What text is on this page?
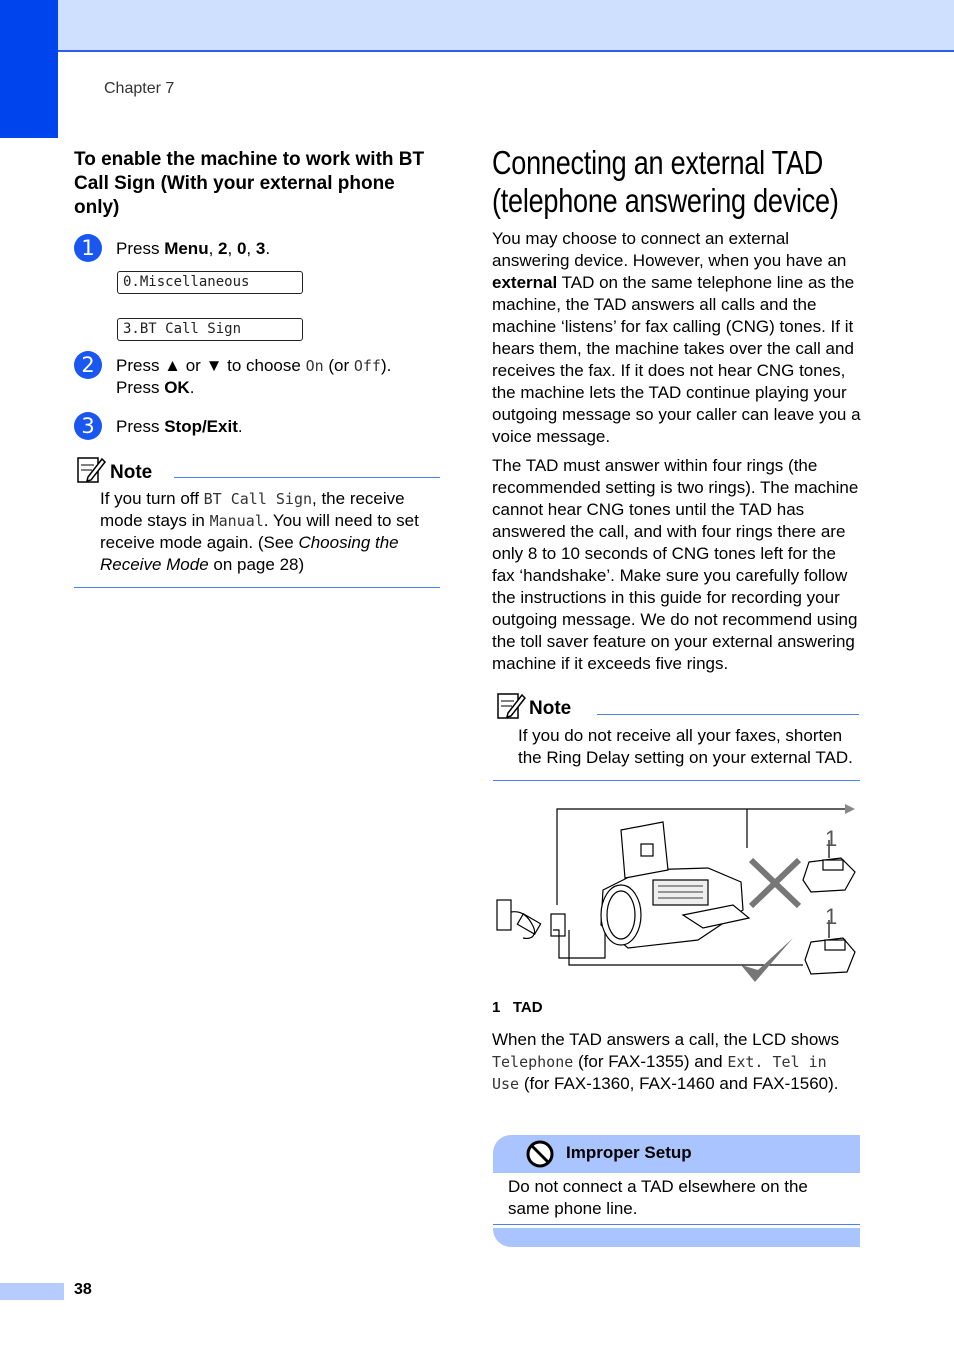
Chapter 7
To enable the machine to work with BT Call Sign (With your external phone only)
1	Press Menu, 2, 0, 3.
0.Miscellaneous
3.BT Call Sign
2	Press ▲ or ▼ to choose On (or Off).
Press OK.
3	Press Stop/Exit.
Note
If you turn off BT Call Sign, the receive mode stays in Manual. You will need to set receive mode again. (See Choosing the Receive Mode on page 28)
Connecting an external TAD
(telephone answering device)
You may choose to connect an external answering device. However, when you have an external TAD on the same telephone line as the machine, the TAD answers all calls and the machine ‘listens’ for fax calling (CNG) tones. If it hears them, the machine takes over the call and receives the fax. If it does not hear CNG tones, the machine lets the TAD continue playing your outgoing message so your caller can leave you a voice message.
The TAD must answer within four rings (the recommended setting is two rings). The machine cannot hear CNG tones until the TAD has answered the call, and with four rings there are only 8 to 10 seconds of CNG tones left for the fax ‘handshake’. Make sure you carefully follow the instructions in this guide for recording your outgoing message. We do not recommend using the toll saver feature on your external answering machine if it exceeds five rings.
Note
If you do not receive all your faxes, shorten the Ring Delay setting on your external TAD.
1
1
1 TAD
When the TAD answers a call, the LCD shows Telephone (for FAX-1355) and Ext. Tel in Use (for FAX-1360, FAX-1460 and FAX-1560).
Improper Setup
Do not connect a TAD elsewhere on the same phone line.
38
